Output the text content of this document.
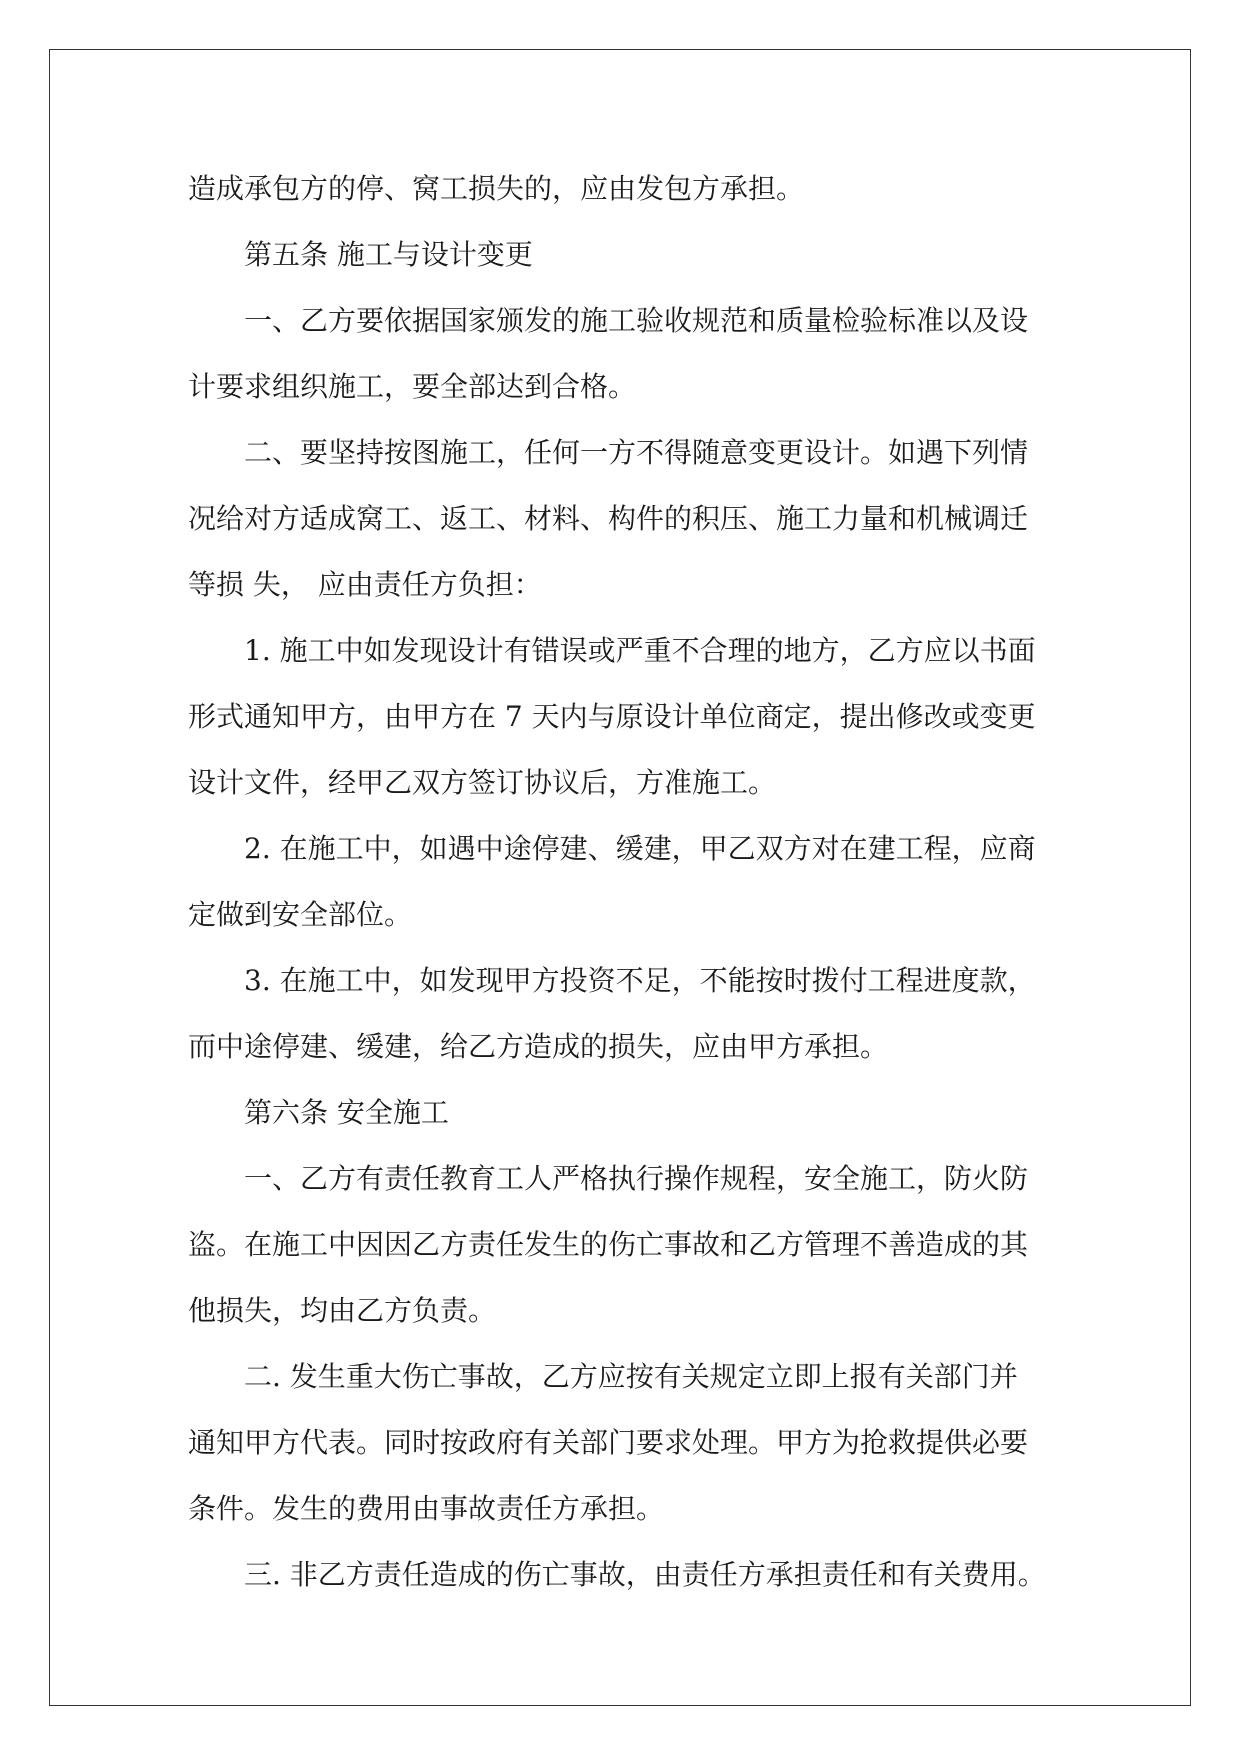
造成承包方的停、窝工损失的，应由发包方承担。
第五条 施工与设计变更
一、乙方要依据国家颁发的施工验收规范和质量检验标准以及设
计要求组织施工，要全部达到合格。
二、要坚持按图施工，任何一方不得随意变更设计。如遇下列情
况给对方适成窝工、返工、材料、构件的积压、施工力量和机械调迁
等损 失， 应由责任方负担：
1. 施工中如发现设计有错误或严重不合理的地方，乙方应以书面
形式通知甲方，由甲方在 7 天内与原设计单位商定，提出修改或变更
设计文件，经甲乙双方签订协议后，方准施工。
2. 在施工中，如遇中途停建、缓建，甲乙双方对在建工程，应商
定做到安全部位。
3. 在施工中，如发现甲方投资不足，不能按时拨付工程进度款，
而中途停建、缓建，给乙方造成的损失，应由甲方承担。
第六条 安全施工
一、乙方有责任教育工人严格执行操作规程，安全施工，防火防
盗。在施工中因因乙方责任发生的伤亡事故和乙方管理不善造成的其
他损失，均由乙方负责。
二. 发生重大伤亡事故，乙方应按有关规定立即上报有关部门并
通知甲方代表。同时按政府有关部门要求处理。甲方为抢救提供必要
条件。发生的费用由事故责任方承担。
三. 非乙方责任造成的伤亡事故，由责任方承担责任和有关费用。
